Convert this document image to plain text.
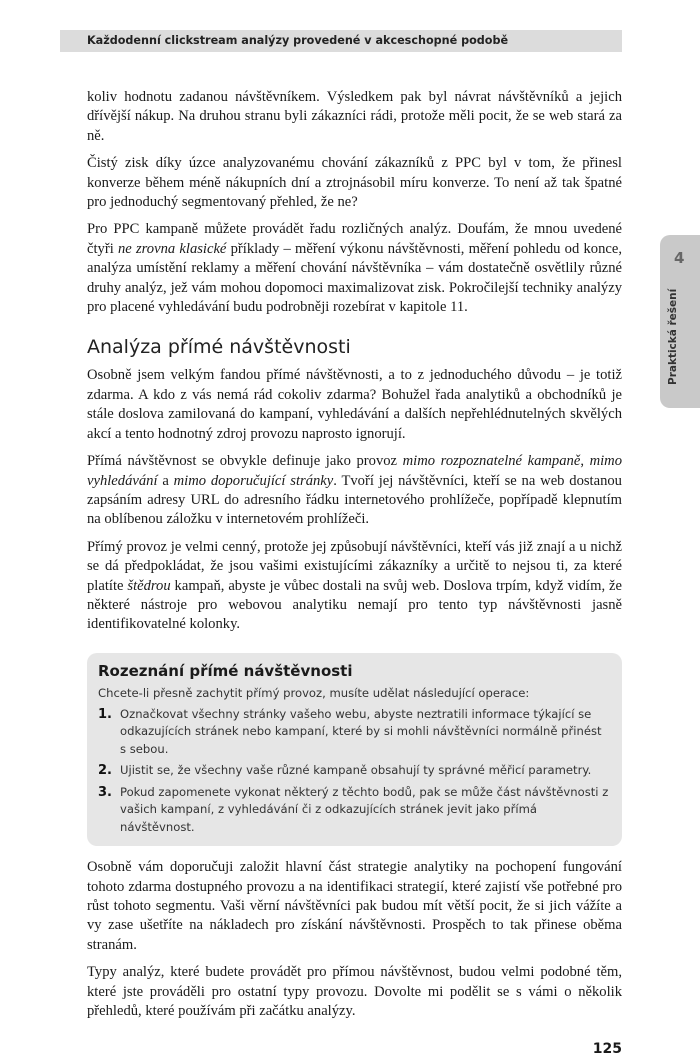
Každodenní clickstream analýzy provedené v akceschopné podobě

koliv hodnotu zadanou návštěvníkem. Výsledkem pak byl návrat návštěvníků a jejich dřívější nákup. Na druhou stranu byli zákazníci rádi, protože měli pocit, že se web stará za ně.

Čistý zisk díky úzce analyzovanému chování zákazníků z PPC byl v tom, že přinesl konverze během méně nákupních dní a ztrojnásobil míru konverze. To není až tak špatné pro jednoduchý segmentovaný přehled, že ne?

Pro PPC kampaně můžete provádět řadu rozličných analýz. Doufám, že mnou uvedené čtyři ne zrovna klasické příklady – měření výkonu návštěvnosti, měření pohledu od konce, analýza umístění reklamy a měření chování návštěvníka – vám dostatečně osvětlily různé druhy analýz, jež vám mohou dopomoci maximalizovat zisk. Pokročilejší techniky analýzy pro placené vyhledávání budu podrobněji rozebírat v kapitole 11.

Analýza přímé návštěvnosti

Osobně jsem velkým fandou přímé návštěvnosti, a to z jednoduchého důvodu – je totiž zdarma. A kdo z vás nemá rád cokoliv zdarma? Bohužel řada analytiků a obchodníků je stále doslova zamilovaná do kampaní, vyhledávání a dalších nepřehlédnutelných skvělých akcí a tento hodnotný zdroj provozu naprosto ignorují.

Přímá návštěvnost se obvykle definuje jako provoz mimo rozpoznatelné kampaně, mimo vyhledávání a mimo doporučující stránky. Tvoří jej návštěvníci, kteří se na web dostanou zapsáním adresy URL do adresního řádku internetového prohlížeče, popřípadě klepnutím na oblíbenou záložku v internetovém prohlížeči.

Přímý provoz je velmi cenný, protože jej způsobují návštěvníci, kteří vás již znají a u nichž se dá předpokládat, že jsou vašimi existujícími zákazníky a určitě to nejsou ti, za které platíte štědrou kampaň, abyste je vůbec dostali na svůj web. Doslova trpím, když vidím, že některé nástroje pro webovou analytiku nemají pro tento typ návštěvnosti jasně identifikovatelné kolonky.

Rozeznání přímé návštěvnosti
Chcete-li přesně zachytit přímý provoz, musíte udělat následující operace:
1. Označkovat všechny stránky vašeho webu, abyste neztratili informace týkající se odkazujících stránek nebo kampaní, které by si mohli návštěvníci normálně přinést s sebou.
2. Ujistit se, že všechny vaše různé kampaně obsahují ty správné měřicí parametry.
3. Pokud zapomenete vykonat některý z těchto bodů, pak se může část návštěvnosti z vašich kampaní, z vyhledávání či z odkazujících stránek jevit jako přímá návštěvnost.

Osobně vám doporučuji založit hlavní část strategie analytiky na pochopení fungování tohoto zdarma dostupného provozu a na identifikaci strategií, které zajistí vše potřebné pro růst tohoto segmentu. Vaši věrní návštěvníci pak budou mít větší pocit, že si jich vážíte a vy zase ušetříte na nákladech pro získání návštěvnosti. Prospěch to tak přinese oběma stranám.

Typy analýz, které budete provádět pro přímou návštěvnost, budou velmi podobné těm, které jste prováděli pro ostatní typy provozu. Dovolte mi podělit se s vámi o několik přehledů, které používám při začátku analýzy.

125
4
Praktická řešení
